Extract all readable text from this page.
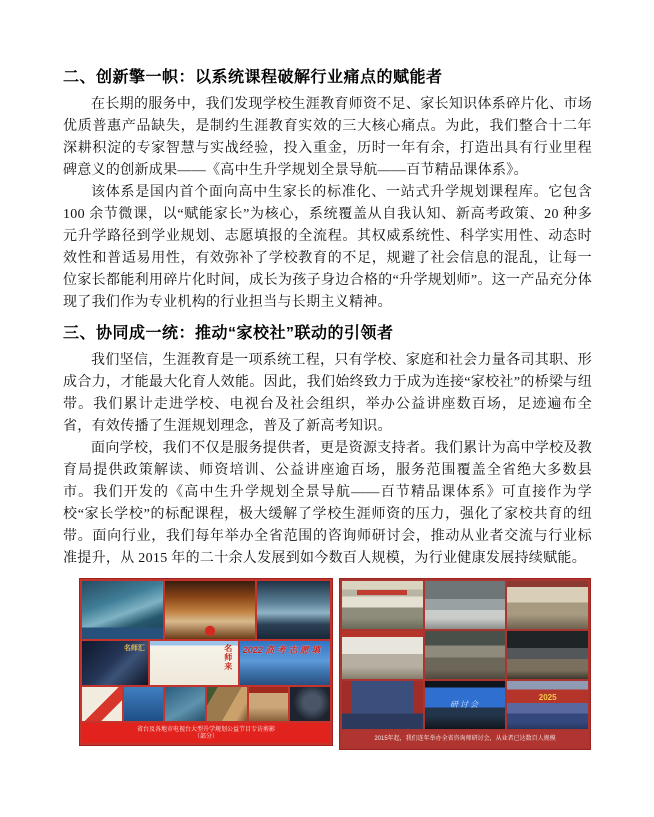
二、创新擎一帜：以系统课程破解行业痛点的赋能者

在长期的服务中，我们发现学校生涯教育师资不足、家长知识体系碎片化、市场优质普惠产品缺失，是制约生涯教育实效的三大核心痛点。为此，我们整合十二年深耕积淀的专家智慧与实战经验，投入重金，历时一年有余，打造出具有行业里程碑意义的创新成果——《高中生升学规划全景导航——百节精品课体系》。

该体系是国内首个面向高中生家长的标准化、一站式升学规划课程库。它包含 100 余节微课，以“赋能家长”为核心，系统覆盖从自我认知、新高考政策、20 种多元升学路径到学业规划、志愿填报的全流程。其权威系统性、科学实用性、动态时效性和普适易用性，有效弥补了学校教育的不足，规避了社会信息的混乱，让每一位家长都能利用碎片化时间，成长为孩子身边合格的“升学规划师”。这一产品充分体现了我们作为专业机构的行业担当与长期主义精神。

三、协同成一统：推动“家校社”联动的引领者

我们坚信，生涯教育是一项系统工程，只有学校、家庭和社会力量各司其职、形成合力，才能最大化育人效能。因此，我们始终致力于成为连接“家校社”的桥梁与纽带。我们累计走进学校、电视台及社会组织，举办公益讲座数百场，足迹遍布全省，有效传播了生涯规划理念，普及了新高考知识。

面向学校，我们不仅是服务提供者，更是资源支持者。我们累计为高中学校及教育局提供政策解读、师资培训、公益讲座逾百场，服务范围覆盖全省绝大多数县市。我们开发的《高中生升学规划全景导航——百节精品课体系》可直接作为学校“家长学校”的标配课程，极大缓解了学校生涯师资的压力，强化了家校共育的纽带。面向行业，我们每年举办全省范围的咨询师研讨会，推动从业者交流与行业标准提升，从 2015 年的二十余人发展到如今数百人规模，为行业健康发展持续赋能。

名师汇	名师来 2022 高 考 志 愿 填
省台及各地市电视台大型升学规划公益节目专访剪影
（部分）
研讨会
2025
2015年起，我们连年举办全省咨询师研讨会，从业者已达数百人规模
